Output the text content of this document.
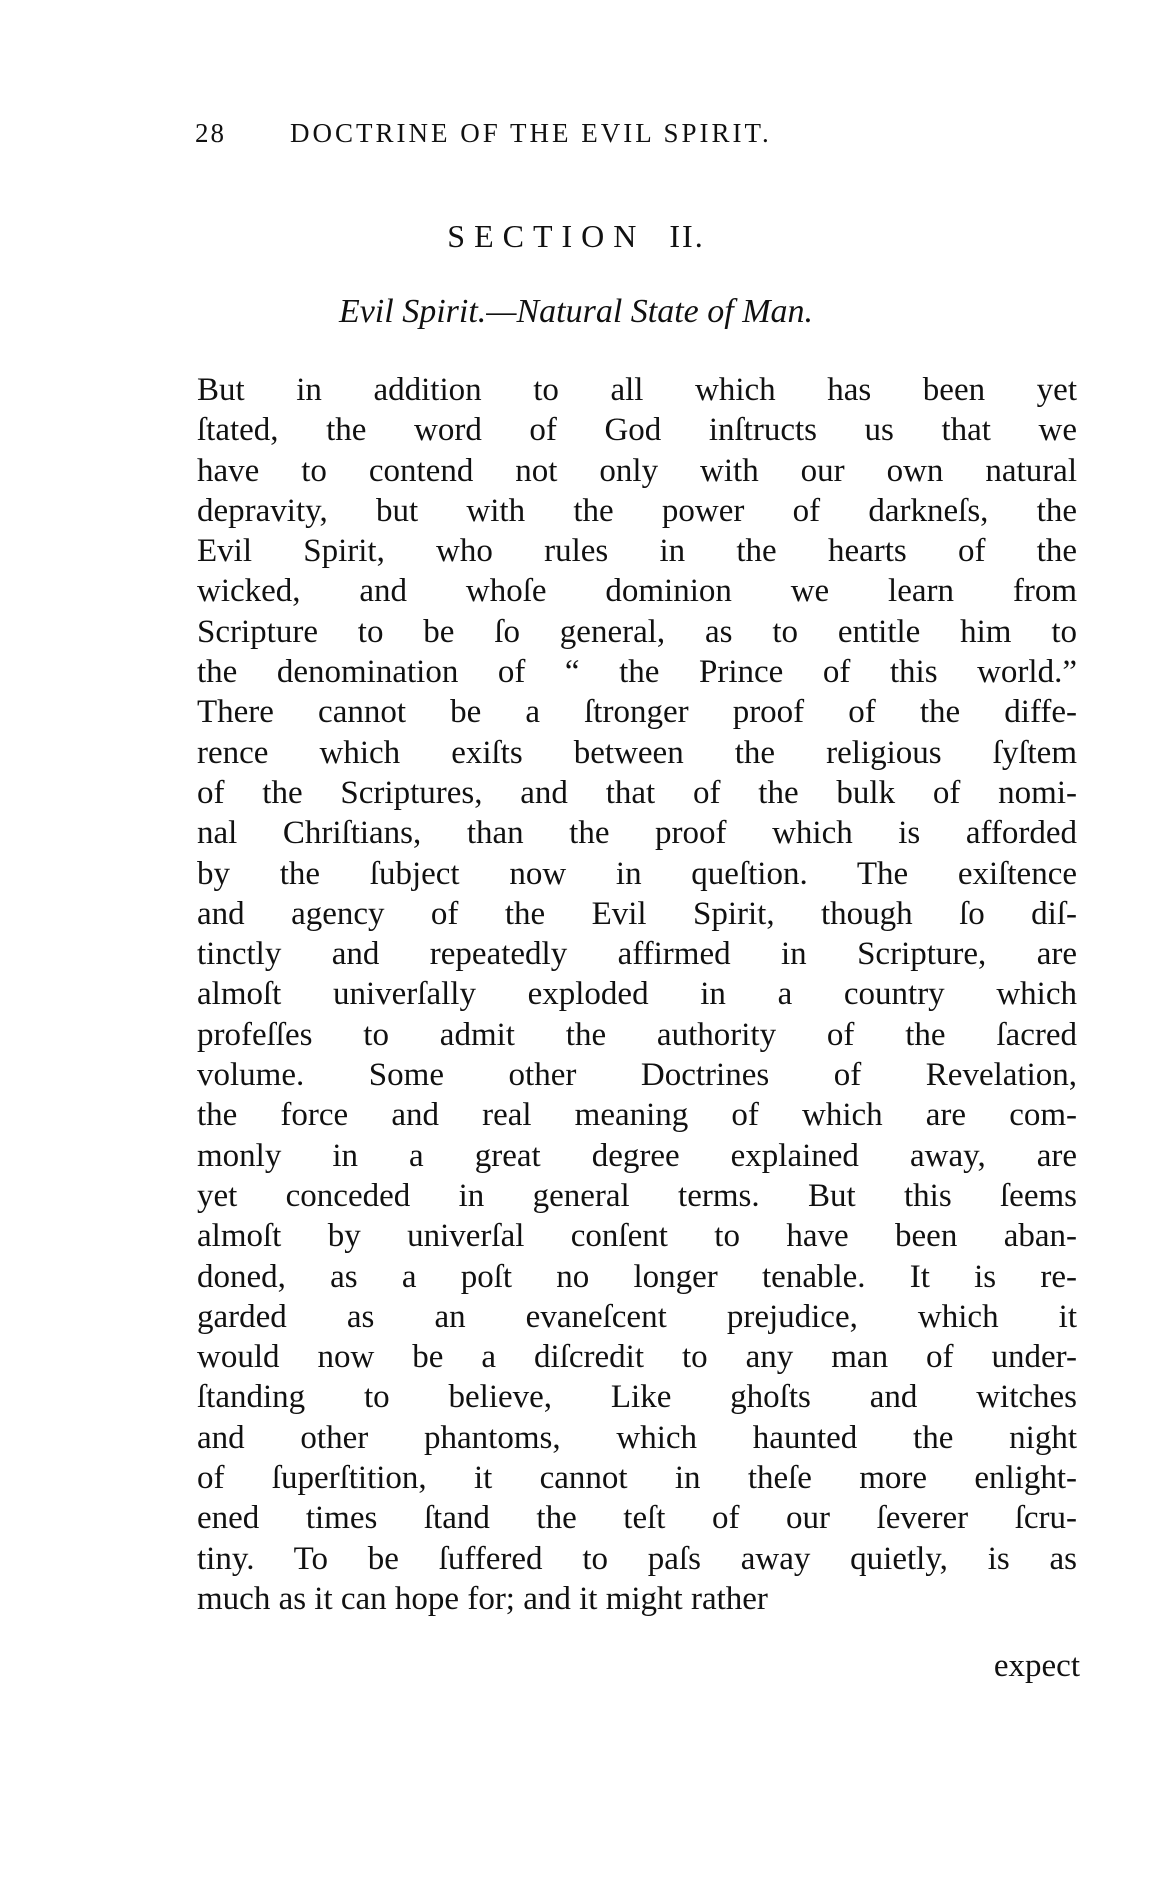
28 DOCTRINE OF THE EVIL SPIRIT.
SECTION II.
Evil Spirit.—Natural State of Man.
But in addition to all which has been yet
ſtated, the word of God inſtructs us that we
have to contend not only with our own natural
depravity, but with the power of darkneſs, the
Evil Spirit, who rules in the hearts of the
wicked, and whoſe dominion we learn from
Scripture to be ſo general, as to entitle him to
the denomination of “ the Prince of this world.”
There cannot be a ſtronger proof of the diffe-
rence which exiſts between the religious ſyſtem
of the Scriptures, and that of the bulk of nomi-
nal Chriſtians, than the proof which is afforded
by the ſubject now in queſtion. The exiſtence
and agency of the Evil Spirit, though ſo diſ-
tinctly and repeatedly affirmed in Scripture, are
almoſt univerſally exploded in a country which
profeſſes to admit the authority of the ſacred
volume. Some other Doctrines of Revelation,
the force and real meaning of which are com-
monly in a great degree explained away, are
yet conceded in general terms. But this ſeems
almoſt by univerſal conſent to have been aban-
doned, as a poſt no longer tenable. It is re-
garded as an evaneſcent prejudice, which it
would now be a diſcredit to any man of under-
ſtanding to believe, Like ghoſts and witches
and other phantoms, which haunted the night
of ſuperſtition, it cannot in theſe more enlight-
ened times ſtand the teſt of our ſeverer ſcru-
tiny. To be ſuffered to paſs away quietly, is as
much as it can hope for; and it might rather
expect
